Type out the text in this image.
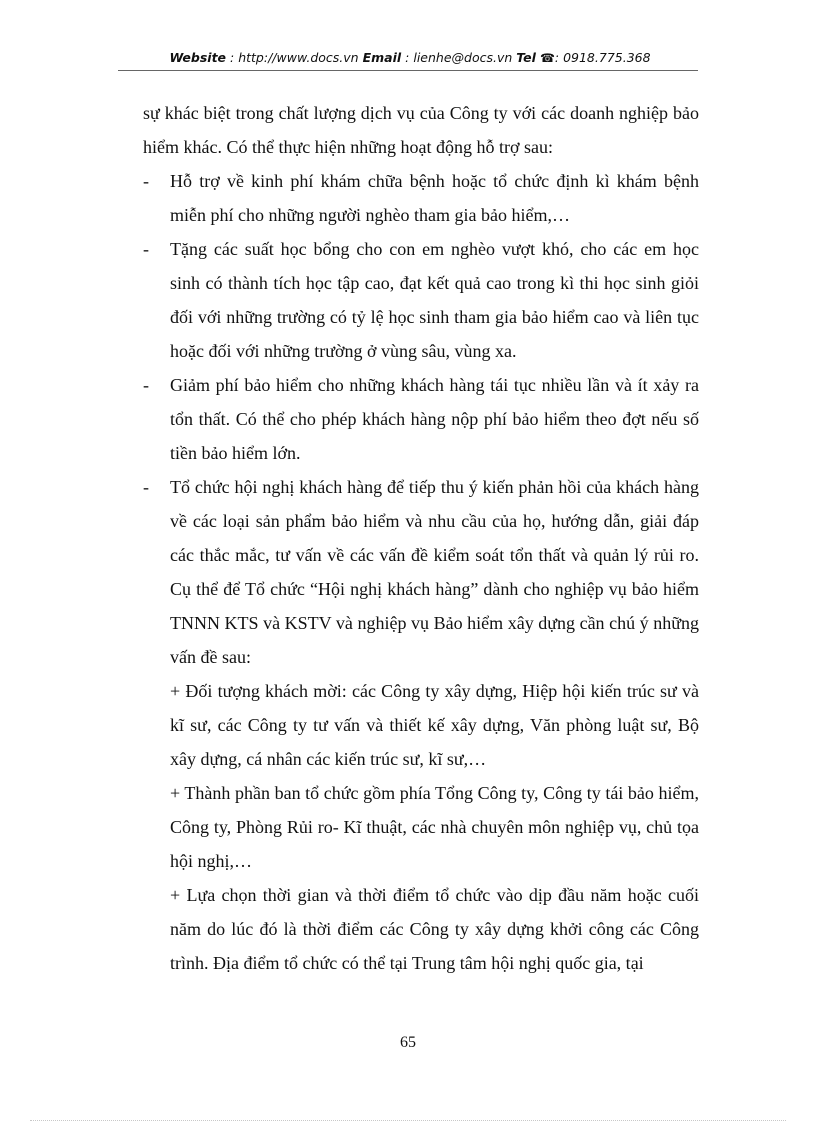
Website : http://www.docs.vn Email : lienhe@docs.vn Tel ☎: 0918.775.368

sự khác biệt trong chất lượng dịch vụ của Công ty với các doanh nghiệp bảo hiểm khác. Có thể thực hiện những hoạt động hỗ trợ sau:

- Hỗ trợ về kinh phí khám chữa bệnh hoặc tổ chức định kì khám bệnh miễn phí cho những người nghèo tham gia bảo hiểm,…
- Tặng các suất học bổng cho con em nghèo vượt khó, cho các em học sinh có thành tích học tập cao, đạt kết quả cao trong kì thi học sinh giỏi đối với những trường có tỷ lệ học sinh tham gia bảo hiểm cao và liên tục hoặc đối với những trường ở vùng sâu, vùng xa.
- Giảm phí bảo hiểm cho những khách hàng tái tục nhiều lần và ít xảy ra tổn thất. Có thể cho phép khách hàng nộp phí bảo hiểm theo đợt nếu số tiền bảo hiểm lớn.
- Tổ chức hội nghị khách hàng để tiếp thu ý kiến phản hồi của khách hàng về các loại sản phẩm bảo hiểm và nhu cầu của họ, hướng dẫn, giải đáp các thắc mắc, tư vấn về các vấn đề kiểm soát tổn thất và quản lý rủi ro. Cụ thể để Tổ chức “Hội nghị khách hàng” dành cho nghiệp vụ bảo hiểm TNNN KTS và KSTV và nghiệp vụ Bảo hiểm xây dựng cần chú ý những vấn đề sau:
+ Đối tượng khách mời: các Công ty xây dựng, Hiệp hội kiến trúc sư và kĩ sư, các Công ty tư vấn và thiết kế xây dựng, Văn phòng luật sư, Bộ xây dựng, cá nhân các kiến trúc sư, kĩ sư,…
+ Thành phần ban tổ chức gồm phía Tổng Công ty, Công ty tái bảo hiểm, Công ty, Phòng Rủi ro- Kĩ thuật, các nhà chuyên môn nghiệp vụ, chủ tọa hội nghị,…
+ Lựa chọn thời gian và thời điểm tổ chức vào dịp đầu năm hoặc cuối năm do lúc đó là thời điểm các Công ty xây dựng khởi công các Công trình. Địa điểm tổ chức có thể tại Trung tâm hội nghị quốc gia, tại
65
